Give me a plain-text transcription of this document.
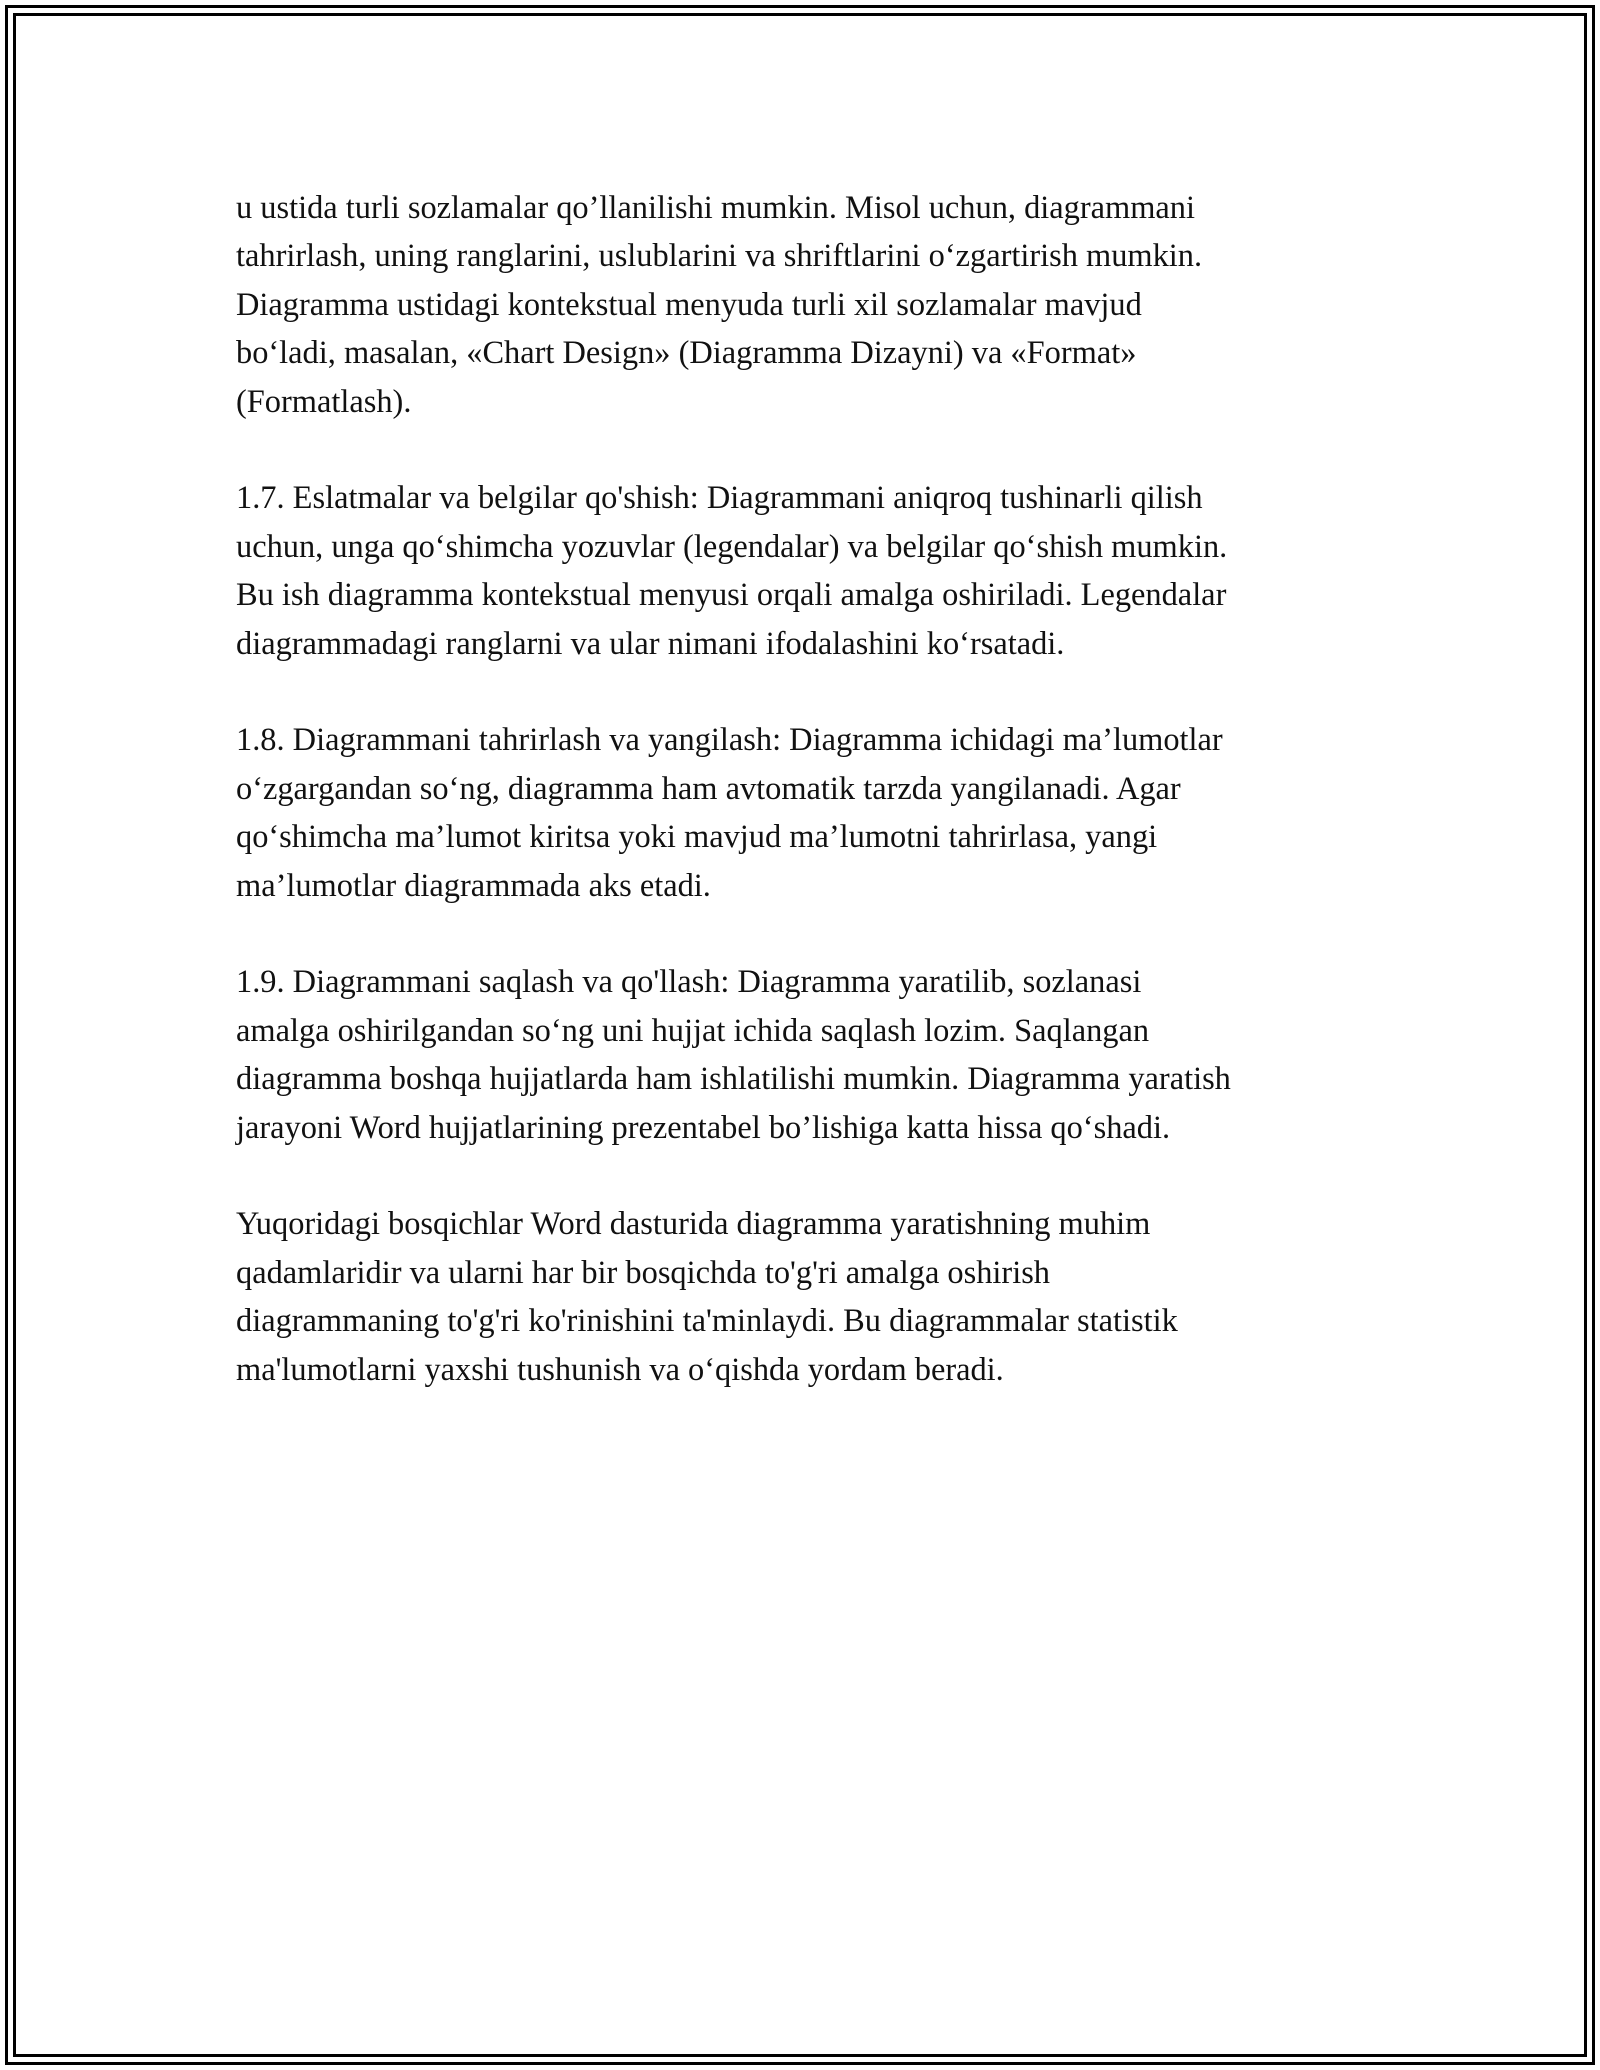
u ustida turli sozlamalar qo’llanilishi mumkin. Misol uchun, diagrammani
tahrirlash, uning ranglarini, uslublarini va shriftlarini o‘zgartirish mumkin.
Diagramma ustidagi kontekstual menyuda turli xil sozlamalar mavjud
bo‘ladi, masalan, «Chart Design» (Diagramma Dizayni) va «Format»
(Formatlash).

1.7. Eslatmalar va belgilar qo'shish: Diagrammani aniqroq tushinarli qilish
uchun, unga qo‘shimcha yozuvlar (legendalar) va belgilar qo‘shish mumkin.
Bu ish diagramma kontekstual menyusi orqali amalga oshiriladi. Legendalar
diagrammadagi ranglarni va ular nimani ifodalashini ko‘rsatadi.

1.8. Diagrammani tahrirlash va yangilash: Diagramma ichidagi ma’lumotlar
o‘zgargandan so‘ng, diagramma ham avtomatik tarzda yangilanadi. Agar
qo‘shimcha ma’lumot kiritsa yoki mavjud ma’lumotni tahrirlasa, yangi
ma’lumotlar diagrammada aks etadi.

1.9. Diagrammani saqlash va qo'llash: Diagramma yaratilib, sozlanasi
amalga oshirilgandan so‘ng uni hujjat ichida saqlash lozim. Saqlangan
diagramma boshqa hujjatlarda ham ishlatilishi mumkin. Diagramma yaratish
jarayoni Word hujjatlarining prezentabel bo’lishiga katta hissa qo‘shadi.

Yuqoridagi bosqichlar Word dasturida diagramma yaratishning muhim
qadamlaridir va ularni har bir bosqichda to'g'ri amalga oshirish
diagrammaning to'g'ri ko'rinishini ta'minlaydi. Bu diagrammalar statistik
ma'lumotlarni yaxshi tushunish va o‘qishda yordam beradi.
